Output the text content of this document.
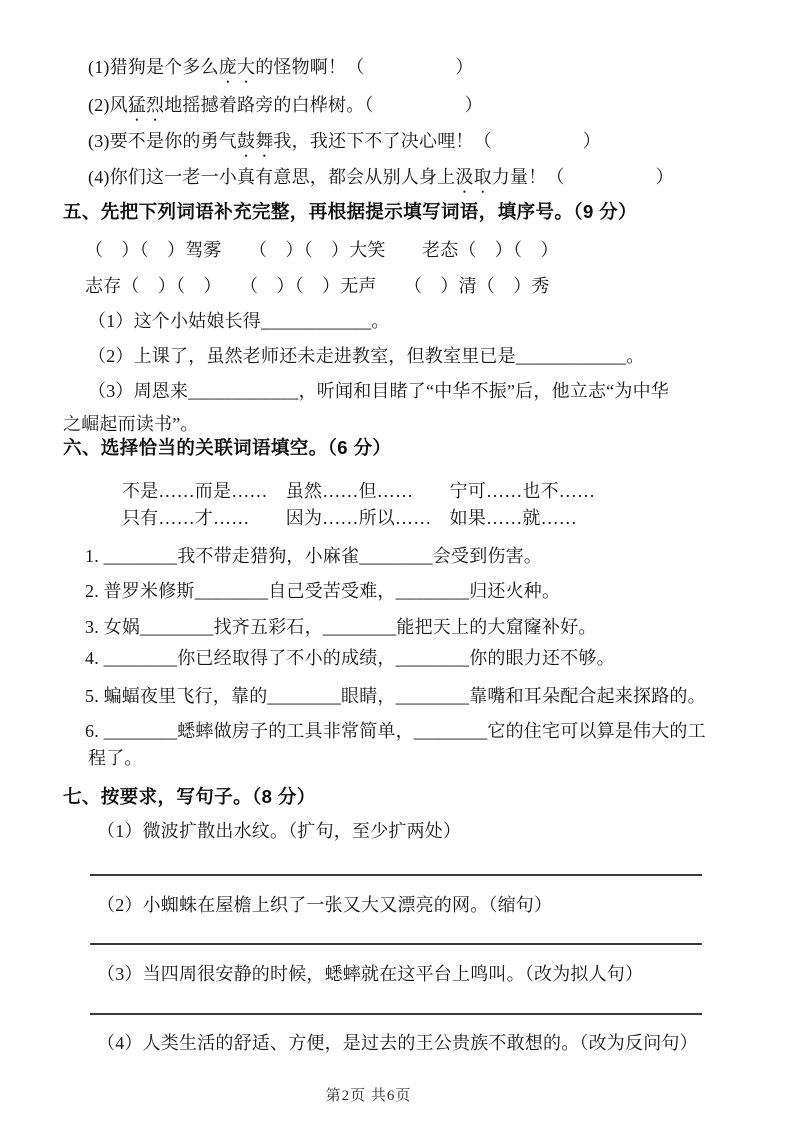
(1)猎狗是个多么庞大的怪物啊！（　　　　　）

(2)风猛烈地摇撼着路旁的白桦树。（　　　　　）

(3)要不是你的勇气鼓舞我，我还下不了决心哩！（　　　　　）

(4)你们这一老一小真有意思，都会从别人身上汲取力量！（　　　　　）

五、先把下列词语补充完整，再根据提示填写词语，填序号。（9 分）

（　）（　）驾雾　　（　）（　）大笑　　老态（　）（　）

志存（　）（　）　　（　）（　）无声　　（　）清（　）秀

（1）这个小姑娘长得____________。

（2）上课了，虽然老师还未走进教室，但教室里已是____________。

（3）周恩来____________，听闻和目睹了“中华不振”后，他立志“为中华

之崛起而读书”。

六、选择恰当的关联词语填空。（6 分）

不是……而是……　虽然……但……　　宁可……也不……

只有……才……　　因为……所以……　如果……就……

1. ________我不带走猎狗，小麻雀________会受到伤害。

2. 普罗米修斯________自己受苦受难，________归还火种。

3. 女娲________找齐五彩石，________能把天上的大窟窿补好。

4. ________你已经取得了不小的成绩，________你的眼力还不够。

5. 蝙蝠夜里飞行，靠的________眼睛，________靠嘴和耳朵配合起来探路的。

6. ________蟋蟀做房子的工具非常简单，________它的住宅可以算是伟大的工

程了。

七、按要求，写句子。（8 分）

（1）微波扩散出水纹。（扩句，至少扩两处）

（2）小蜘蛛在屋檐上织了一张又大又漂亮的网。（缩句）

（3）当四周很安静的时候，蟋蟀就在这平台上鸣叫。（改为拟人句）

（4）人类生活的舒适、方便，是过去的王公贵族不敢想的。（改为反问句）

第2页 共6页
